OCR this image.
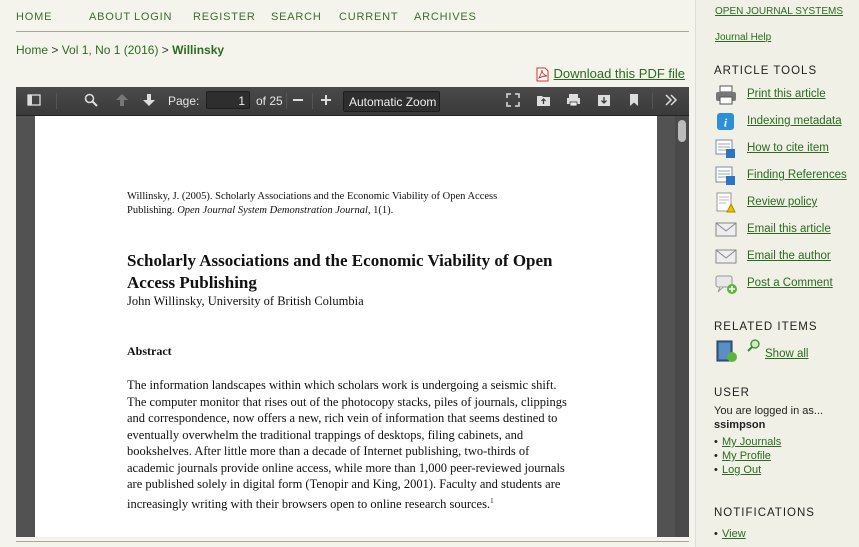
HOME	ABOUT LOGIN REGISTER SEARCH CURRENT ARCHIVES
Home > Vol 1, No 1 (2016) > Willinsky
Download this PDF file
Page:	1 of 25	Automatic Zoom
Willinsky, J. (2005). Scholarly Associations and the Economic Viability of Open Access
Publishing. Open Journal System Demonstration Journal, 1(1).
Scholarly Associations and the Economic Viability of Open Access Publishing
John Willinsky, University of British Columbia
Abstract
The information landscapes within which scholars work is undergoing a seismic shift. The computer monitor that rises out of the photocopy stacks, piles of journals, clippings and correspondence, now offers a new, rich vein of information that seems destined to eventually overwhelm the traditional trappings of desktops, filing cabinets, and bookshelves. After little more than a decade of Internet publishing, two-thirds of academic journals provide online access, while more than 1,000 peer-reviewed journals are published solely in digital form (Tenopir and King, 2001). Faculty and students are increasingly writing with their browsers open to online research sources.$^1$
OPEN JOURNAL SYSTEMS
Journal Help
ARTICLE TOOLS
Print this article
i Indexing metadata
How to cite item
Finding References
Review policy
Email this article
Email the author
Post a Comment
RELATED ITEMS
Show all
USER
You are logged in as...
ssimpson
• My Journals
• My Profile
• Log Out
NOTIFICATIONS
• View
